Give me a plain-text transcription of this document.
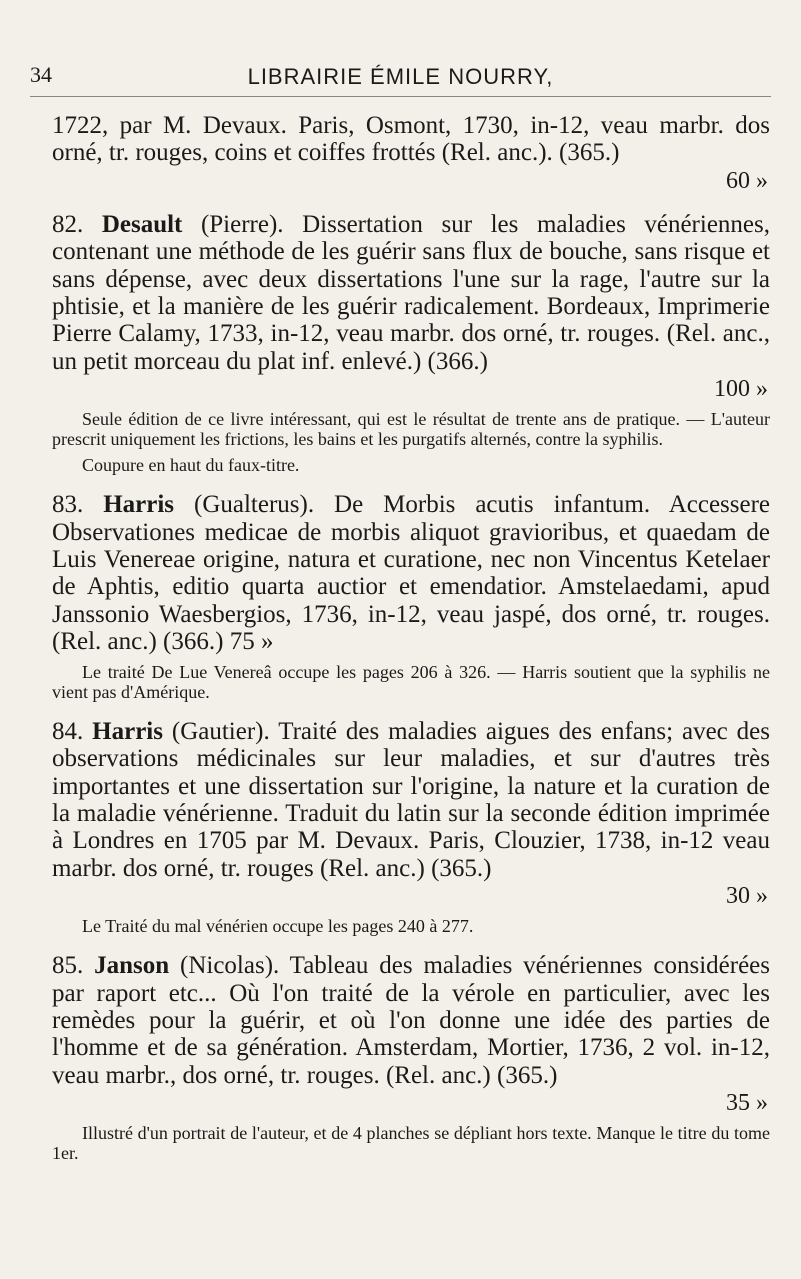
34	LIBRAIRIE ÉMILE NOURRY,

1722, par M. Devaux. Paris, Osmont, 1730, in-12, veau marbr. dos orné, tr. rouges, coins et coiffes frottés (Rel. anc.). (365.)

60 »

82. Desault (Pierre). Dissertation sur les maladies vénériennes, contenant une méthode de les guérir sans flux de bouche, sans risque et sans dépense, avec deux dissertations l'une sur la rage, l'autre sur la phtisie, et la manière de les guérir radicalement. Bordeaux, Imprimerie Pierre Calamy, 1733, in-12, veau marbr. dos orné, tr. rouges. (Rel. anc., un petit morceau du plat inf. enlevé.) (366.)

100 »

Seule édition de ce livre intéressant, qui est le résultat de trente ans de pratique. — L'auteur prescrit uniquement les frictions, les bains et les purgatifs alternés, contre la syphilis.

Coupure en haut du faux-titre.

83. Harris (Gualterus). De Morbis acutis infantum. Accessere Observationes medicae de morbis aliquot gravioribus, et quaedam de Luis Venereae origine, natura et curatione, nec non Vincentus Ketelaer de Aphtis, editio quarta auctior et emendatior. Amstelaedami, apud Janssonio Waesbergios, 1736, in-12, veau jaspé, dos orné, tr. rouges. (Rel. anc.) (366.) 75 »

Le traité De Lue Venereâ occupe les pages 206 à 326. — Harris soutient que la syphilis ne vient pas d'Amérique.

84. Harris (Gautier). Traité des maladies aigues des enfans; avec des observations médicinales sur leur maladies, et sur d'autres très importantes et une dissertation sur l'origine, la nature et la curation de la maladie vénérienne. Traduit du latin sur la seconde édition imprimée à Londres en 1705 par M. Devaux. Paris, Clouzier, 1738, in-12 veau marbr. dos orné, tr. rouges (Rel. anc.) (365.)

30 »

Le Traité du mal vénérien occupe les pages 240 à 277.

85. Janson (Nicolas). Tableau des maladies vénériennes considérées par raport etc... Où l'on traité de la vérole en particulier, avec les remèdes pour la guérir, et où l'on donne une idée des parties de l'homme et de sa génération. Amsterdam, Mortier, 1736, 2 vol. in-12, veau marbr., dos orné, tr. rouges. (Rel. anc.) (365.)

35 »

Illustré d'un portrait de l'auteur, et de 4 planches se dépliant hors texte. Manque le titre du tome 1er.
